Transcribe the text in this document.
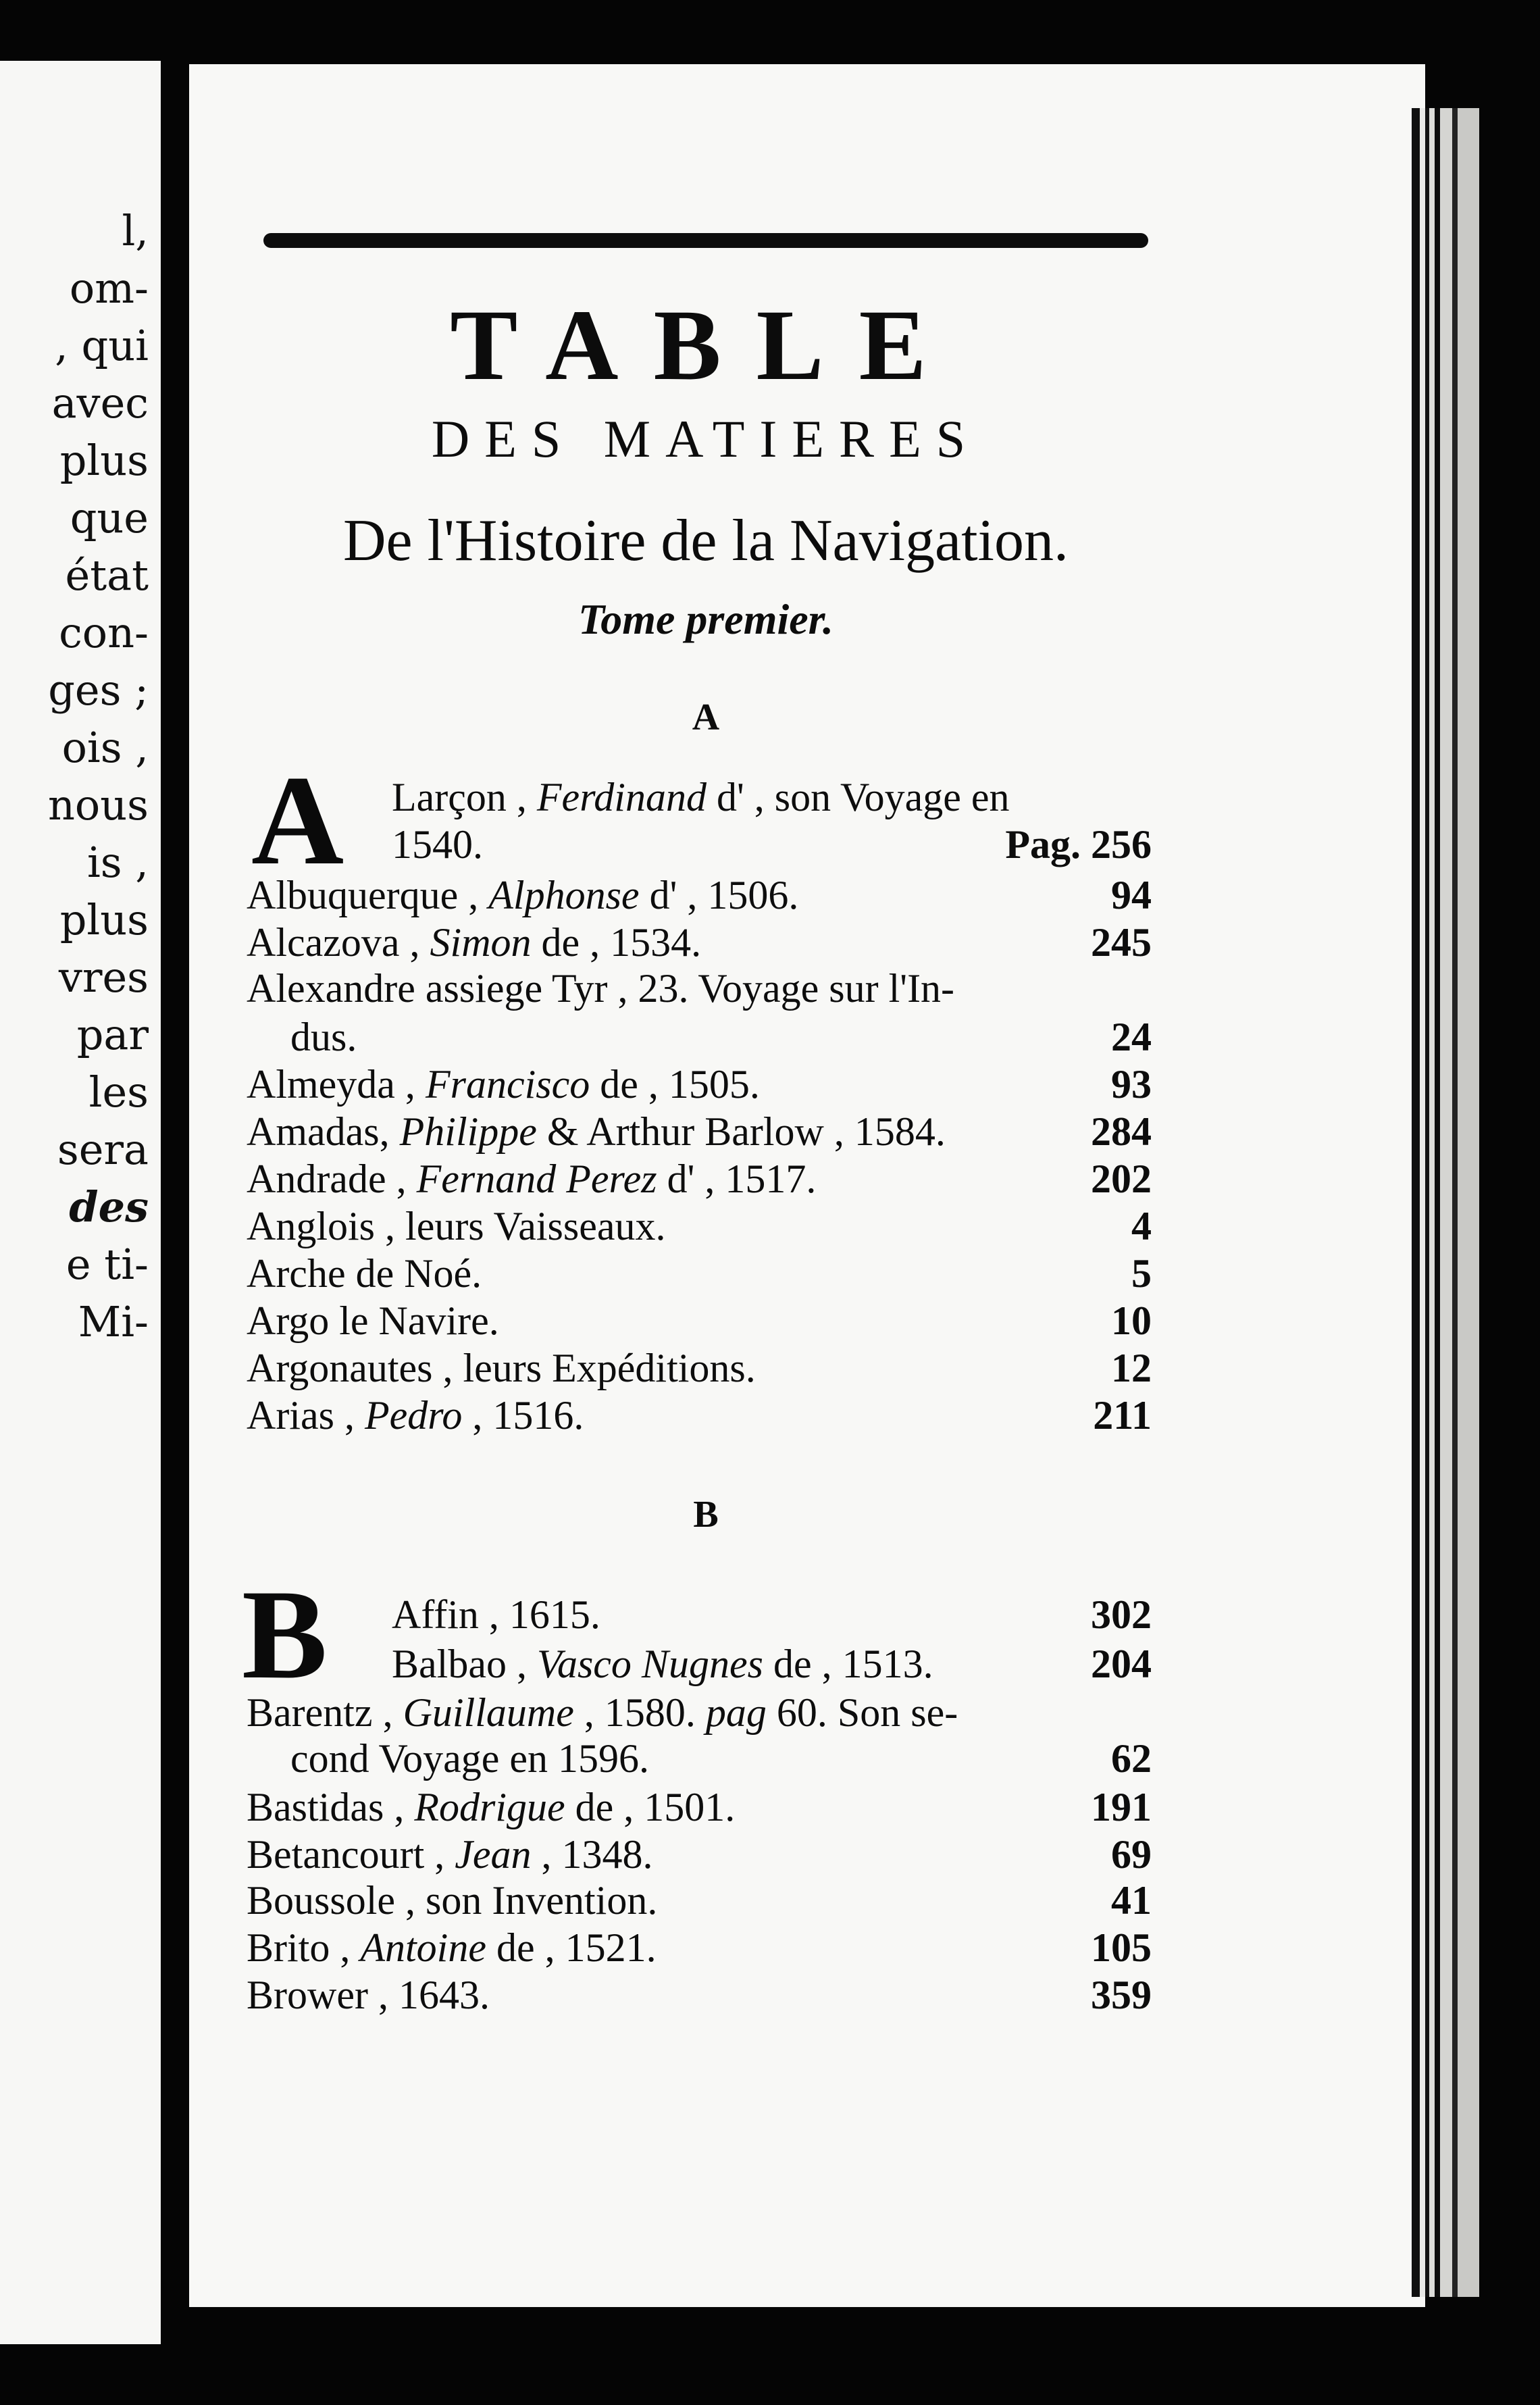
l,
om-
, qui
avec
plus
que
état
con-
ges ;
ois ,
nous
is ,
plus
vres
par
les
sera
des
e ti-
Mi-
TABLE
DES MATIERES
De l'Histoire de la Navigation.
Tome premier.
A
A
B
B
Larçon , Ferdinand d' , son Voyage en
1540.	Pag. 256
Albuquerque , Alphonse d' , 1506.	94
Alcazova , Simon de , 1534.	245
Alexandre assiege Tyr , 23. Voyage sur l'In-
dus.	24
Almeyda , Francisco de , 1505.	93
Amadas, Philippe & Arthur Barlow , 1584.	284
Andrade , Fernand Perez d' , 1517.	202
Anglois , leurs Vaisseaux.	4
Arche de Noé.	5
Argo le Navire.	10
Argonautes , leurs Expéditions.	12
Arias , Pedro , 1516.	211
Affin , 1615.	302
Balbao , Vasco Nugnes de , 1513.	204
Barentz , Guillaume , 1580. pag 60. Son se-
cond Voyage en 1596.	62
Bastidas , Rodrigue de , 1501.	191
Betancourt , Jean , 1348.	69
Boussole , son Invention.	41
Brito , Antoine de , 1521.	105
Brower , 1643.	359
